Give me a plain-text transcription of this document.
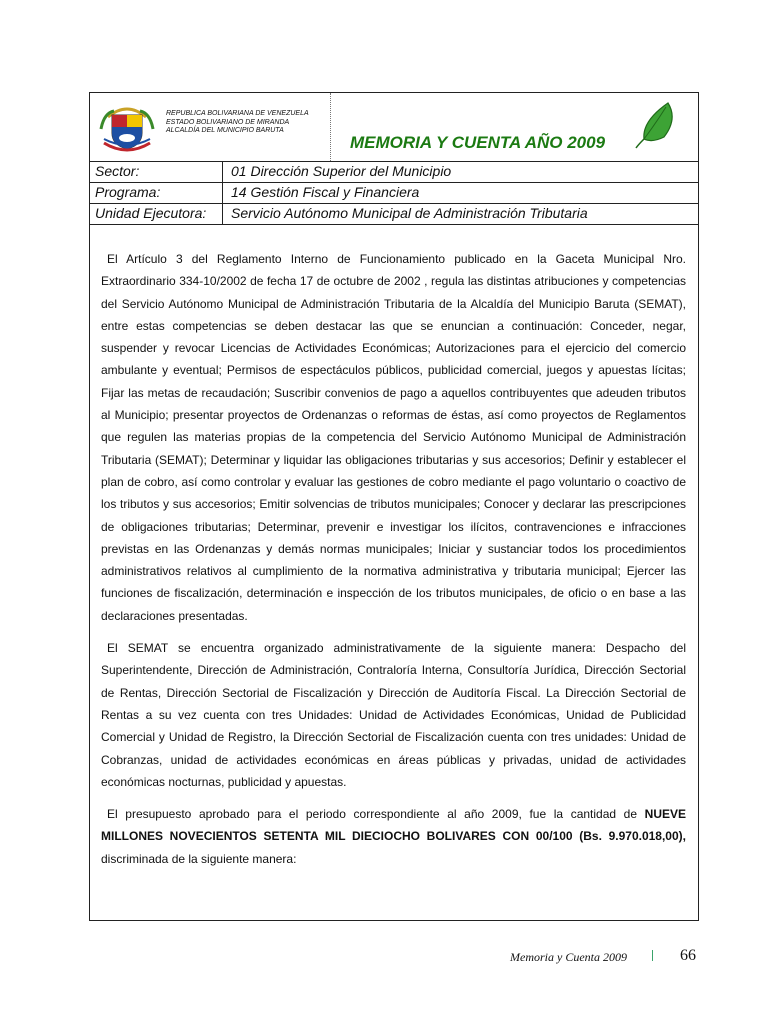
REPUBLICA BOLIVARIANA DE VENEZUELA
ESTADO BOLIVARIANO DE MIRANDA
ALCALDÍA DEL MUNICIPIO BARUTA
MEMORIA Y CUENTA AÑO 2009
Sector:	01 Dirección Superior del Municipio
Programa:	14 Gestión Fiscal y Financiera
Unidad Ejecutora:	Servicio Autónomo Municipal de Administración Tributaria

El Artículo 3 del Reglamento Interno de Funcionamiento publicado en la Gaceta Municipal Nro. Extraordinario 334-10/2002 de fecha 17 de octubre de 2002 , regula las distintas atribuciones y competencias del Servicio Autónomo Municipal de Administración Tributaria de la Alcaldía del Municipio Baruta (SEMAT), entre estas competencias se deben destacar las que se enuncian a continuación: Conceder, negar, suspender y revocar Licencias de Actividades Económicas; Autorizaciones para el ejercicio del comercio ambulante y eventual; Permisos de espectáculos públicos, publicidad comercial, juegos y apuestas lícitas; Fijar las metas de recaudación; Suscribir convenios de pago a aquellos contribuyentes que adeuden tributos al Municipio; presentar proyectos de Ordenanzas o reformas de éstas, así como proyectos de Reglamentos que regulen las materias propias de la competencia del Servicio Autónomo Municipal de Administración Tributaria (SEMAT); Determinar y liquidar las obligaciones tributarias y sus accesorios; Definir y establecer el plan de cobro, así como controlar y evaluar las gestiones de cobro mediante el pago voluntario o coactivo de los tributos y sus accesorios; Emitir solvencias de tributos municipales; Conocer y declarar las prescripciones de obligaciones tributarias; Determinar, prevenir e investigar los ilícitos, contravenciones e infracciones previstas en las Ordenanzas y demás normas municipales; Iniciar y sustanciar todos los procedimientos administrativos relativos al cumplimiento de la normativa administrativa y tributaria municipal; Ejercer las funciones de fiscalización, determinación e inspección de los tributos municipales, de oficio o en base a las declaraciones presentadas.

El SEMAT se encuentra organizado administrativamente de la siguiente manera: Despacho del Superintendente, Dirección de Administración, Contraloría Interna, Consultoría Jurídica, Dirección Sectorial de Rentas, Dirección Sectorial de Fiscalización y Dirección de Auditoría Fiscal. La Dirección Sectorial de Rentas a su vez cuenta con tres Unidades: Unidad de Actividades Económicas, Unidad de Publicidad Comercial y Unidad de Registro, la Dirección Sectorial de Fiscalización cuenta con tres unidades: Unidad de Cobranzas, unidad de actividades económicas en áreas públicas y privadas, unidad de actividades económicas nocturnas, publicidad y apuestas.

El presupuesto aprobado para el periodo correspondiente al año 2009, fue la cantidad de NUEVE MILLONES NOVECIENTOS SETENTA MIL DIECIOCHO BOLIVARES CON 00/100 (Bs. 9.970.018,00), discriminada de la siguiente manera:

Memoria y Cuenta 2009	66
